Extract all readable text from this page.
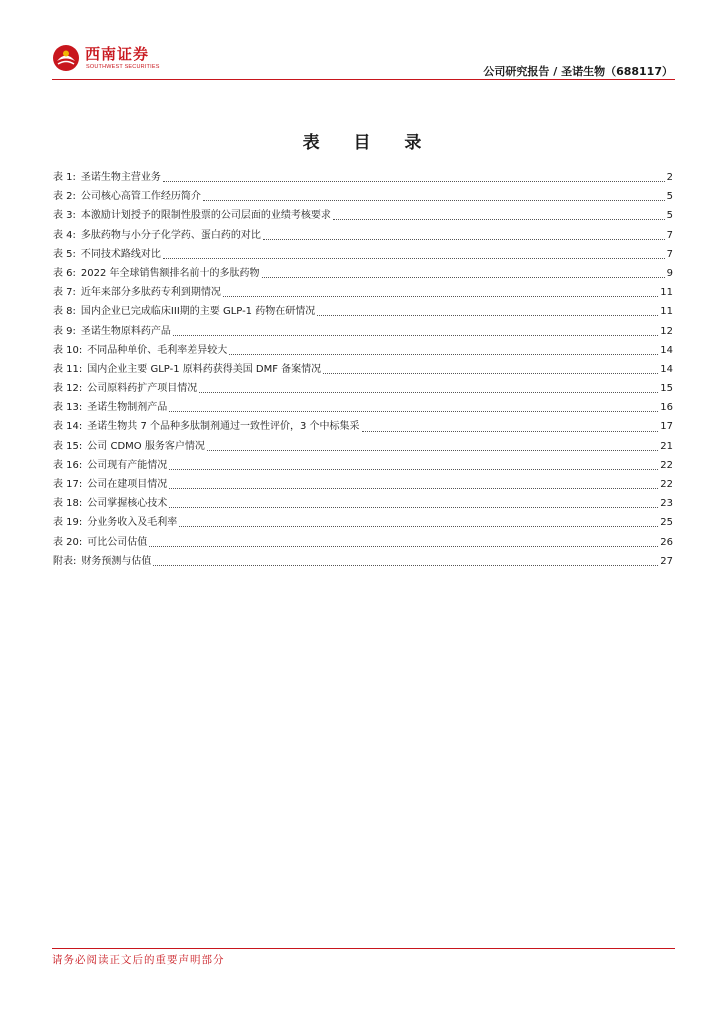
西南证券
SOUTHWEST SECURITIES	公司研究报告 / 圣诺生物（688117）
表 目 录
表 1: 圣诺生物主营业务	2
表 2: 公司核心高管工作经历简介	5
表 3: 本激励计划授予的限制性股票的公司层面的业绩考核要求	5
表 4: 多肽药物与小分子化学药、蛋白药的对比	7
表 5: 不同技术路线对比	7
表 6: 2022 年全球销售额排名前十的多肽药物	9
表 7: 近年来部分多肽药专利到期情况	11
表 8: 国内企业已完成临床III期的主要 GLP-1 药物在研情况	11
表 9: 圣诺生物原料药产品	12
表 10: 不同品种单价、毛利率差异较大	14
表 11: 国内企业主要 GLP-1 原料药获得美国 DMF 备案情况	14
表 12: 公司原料药扩产项目情况	15
表 13: 圣诺生物制剂产品	16
表 14: 圣诺生物共 7 个品种多肽制剂通过一致性评价，3 个中标集采	17
表 15: 公司 CDMO 服务客户情况	21
表 16: 公司现有产能情况	22
表 17: 公司在建项目情况	22
表 18: 公司掌握核心技术	23
表 19: 分业务收入及毛利率	25
表 20: 可比公司估值	26
附表: 财务预测与估值	27
请务必阅读正文后的重要声明部分
